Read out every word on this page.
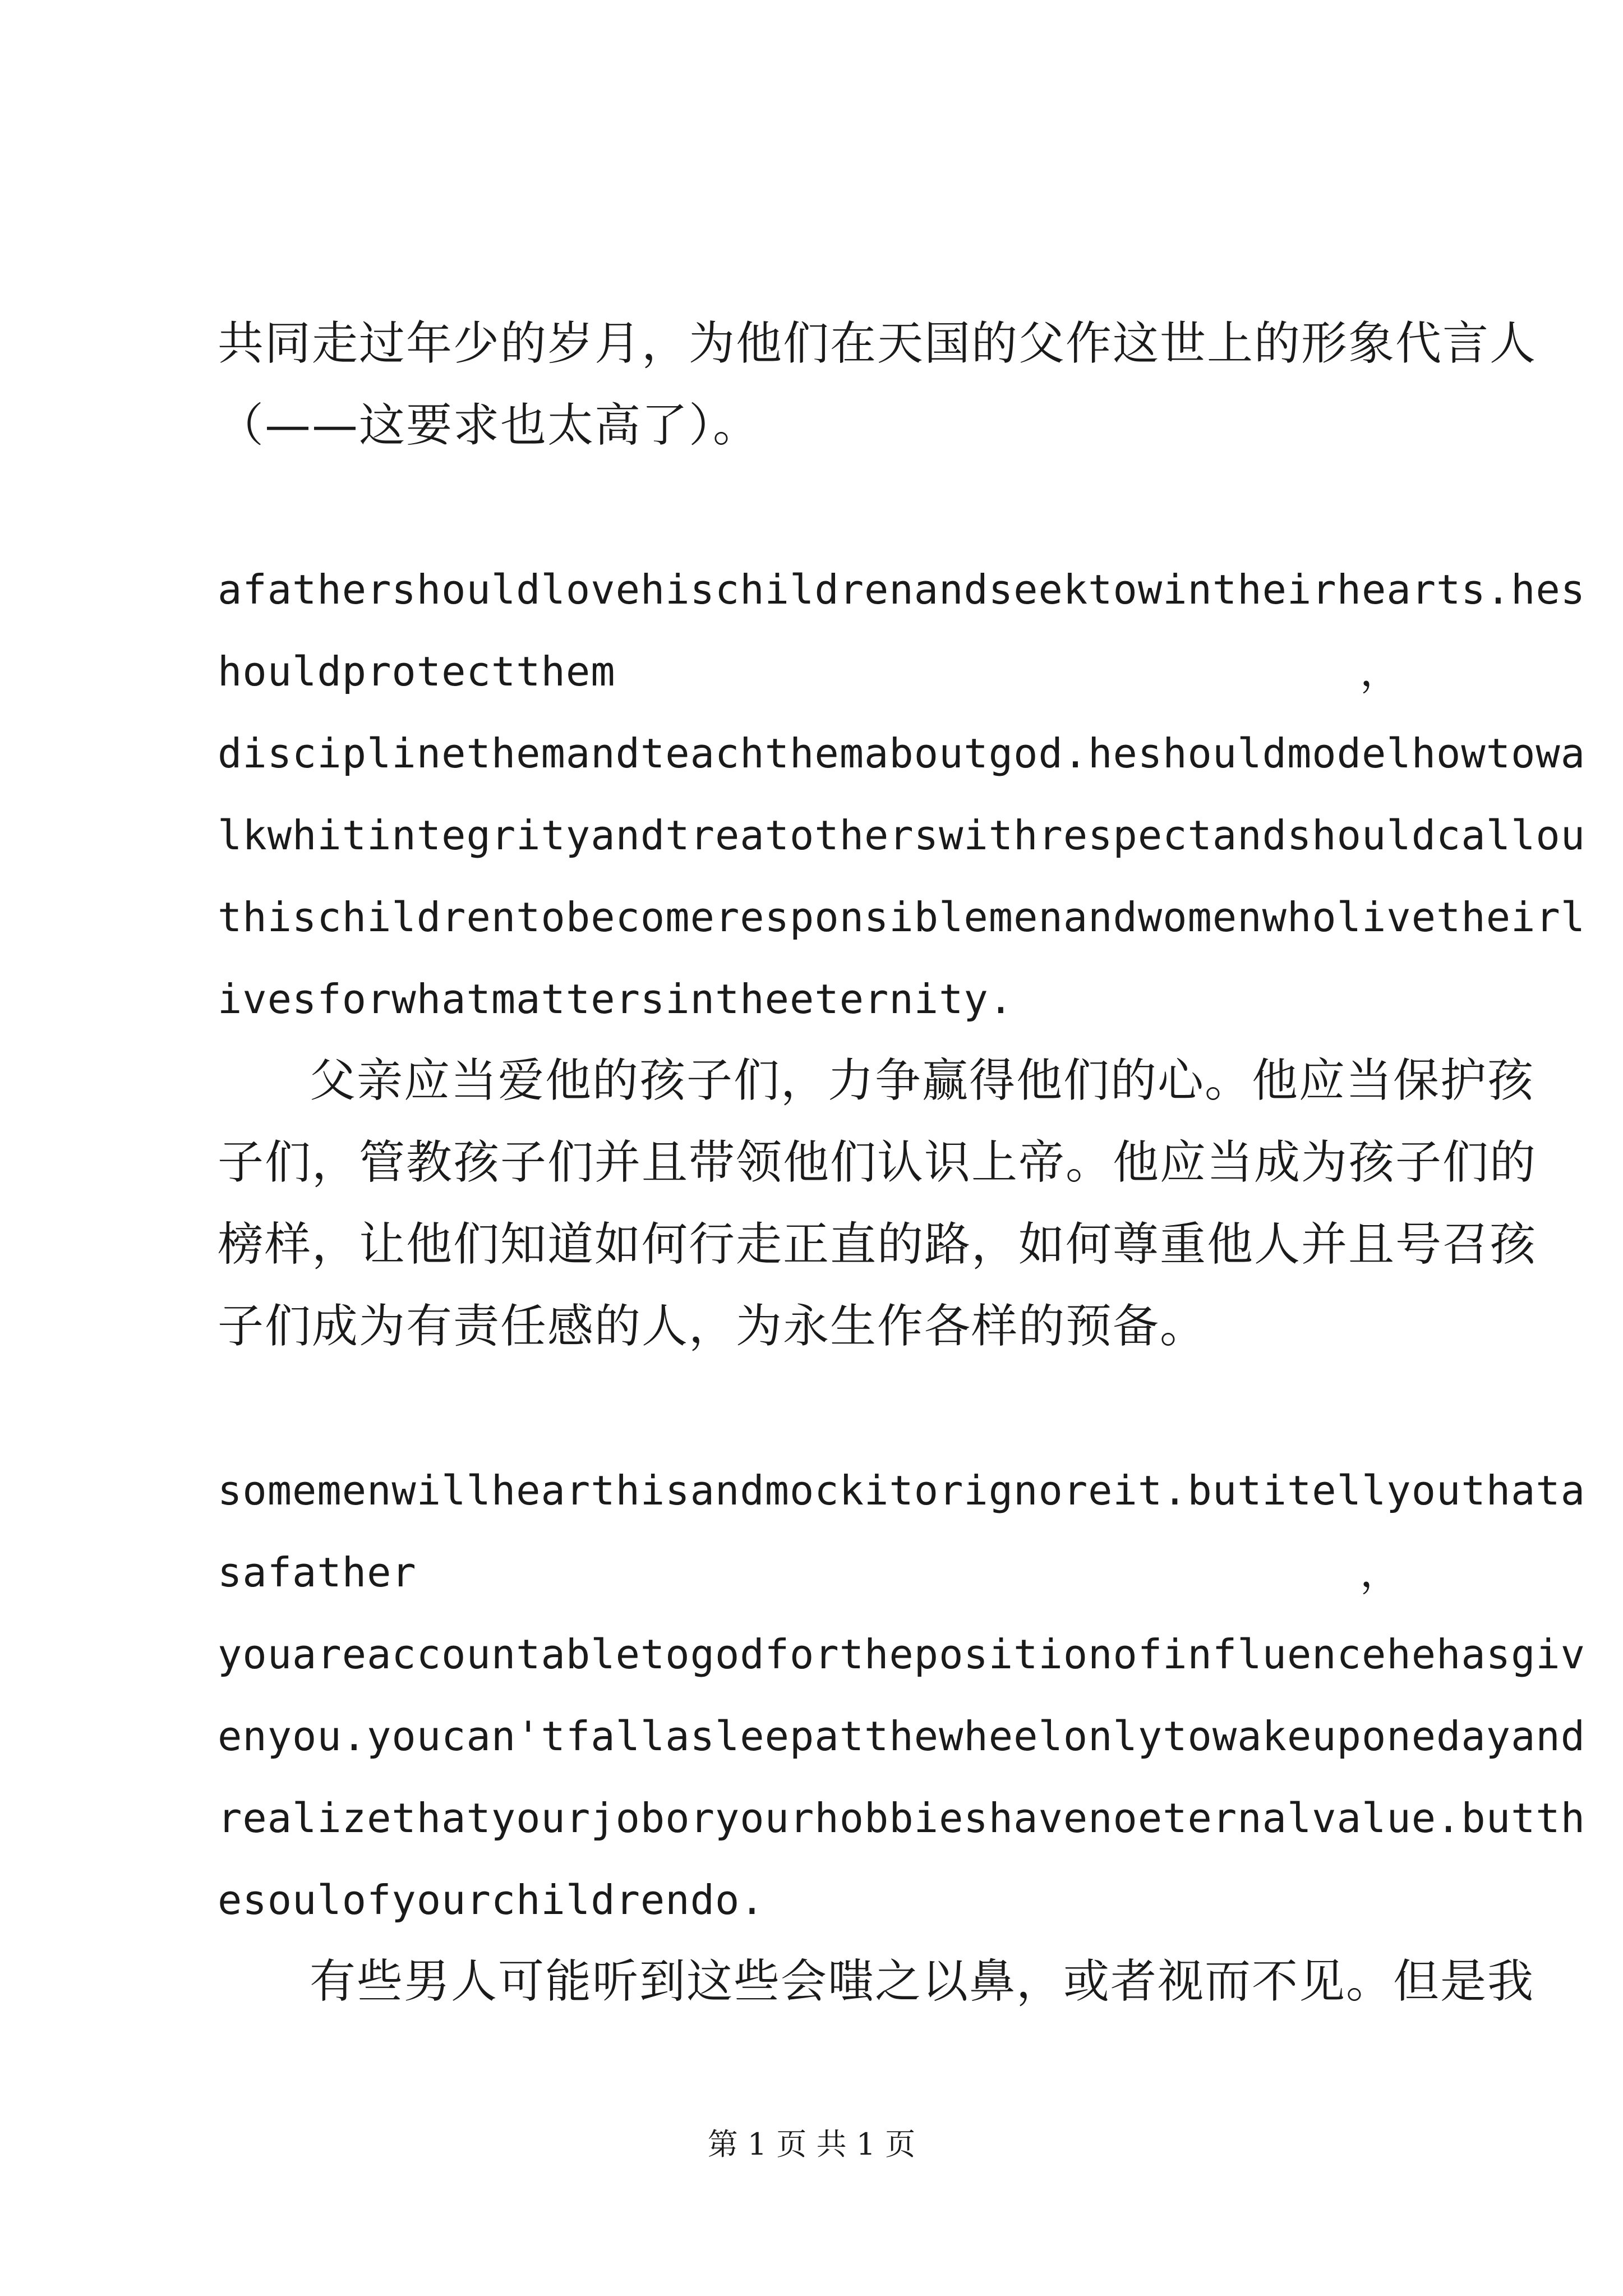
共同走过年少的岁月，为他们在天国的父作这世上的形象代言人
（——这要求也太高了）。
afathershouldlovehischildrenandseektowintheirhearts.hes
houldprotectthem	，
disciplinethemandteachthemaboutgod.heshouldmodelhowtowa
lkwhitintegrityandtreatotherswithrespectandshouldcallou
thischildrentobecomeresponsiblemenandwomenwholivetheirl
ivesforwhatmattersintheeternity.
父亲应当爱他的孩子们，力争赢得他们的心。他应当保护孩
子们，管教孩子们并且带领他们认识上帝。他应当成为孩子们的
榜样，让他们知道如何行走正直的路，如何尊重他人并且号召孩
子们成为有责任感的人，为永生作各样的预备。
somemenwillhearthisandmockitorignoreit.butitellyouthata
safather	，
youareaccountabletogodforthepositionofinfluencehehasgiv
enyou.youcan'tfallasleepatthewheelonlytowakeuponedayand
realizethatyourjoboryourhobbieshavenoeternalvalue.butth
esoulofyourchildrendo.
有些男人可能听到这些会嗤之以鼻，或者视而不见。但是我
第 1 页 共 1 页
